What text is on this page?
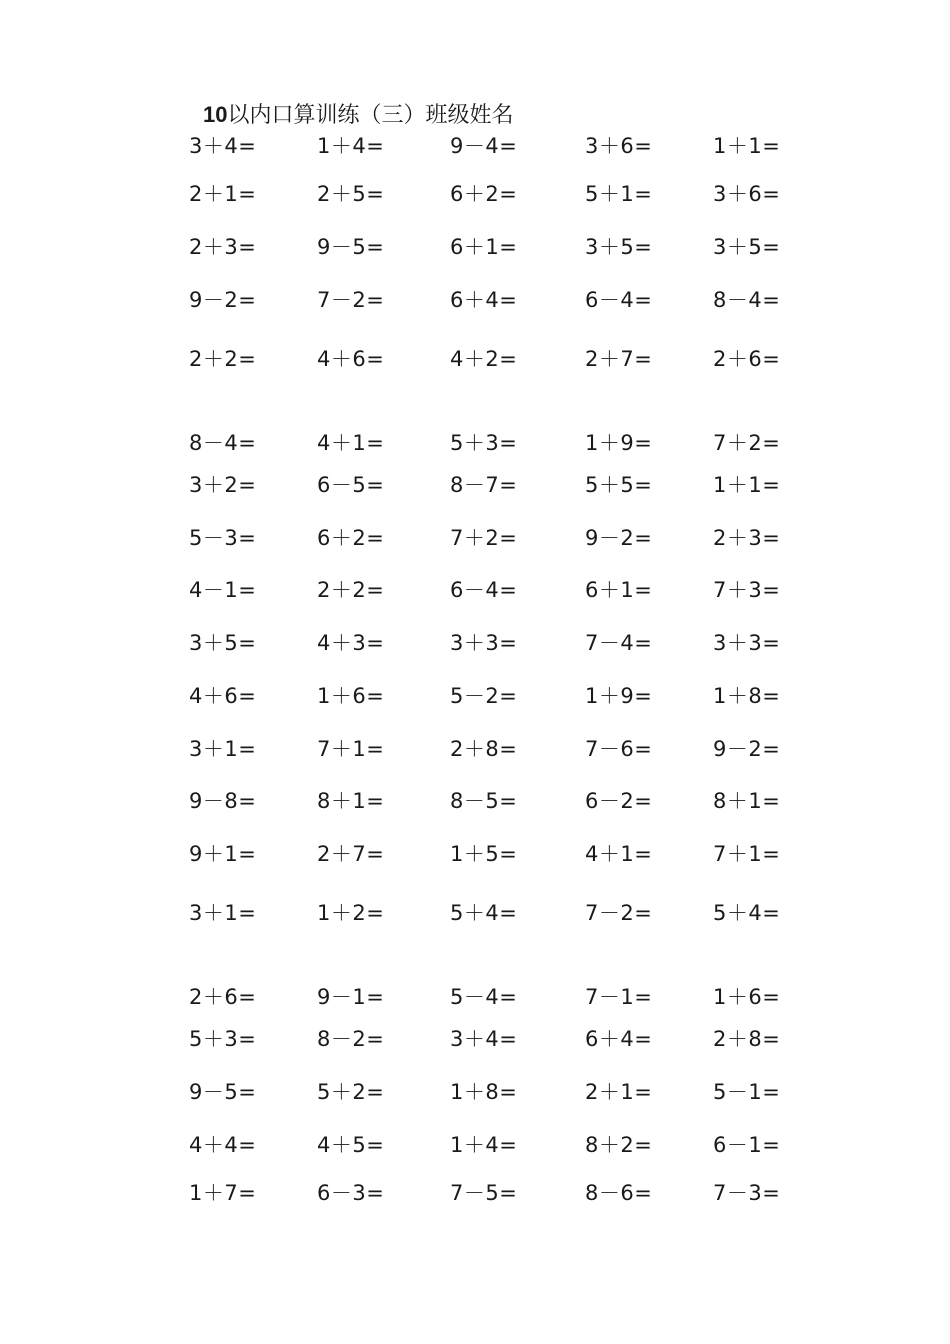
10以内口算训练（三）班级姓名
3＋4=	1＋4=	9－4=	3＋6=	1＋1=
2＋1=	2＋5=	6＋2=	5＋1=	3＋6=
2＋3=	9－5=	6＋1=	3＋5=	3＋5=
9－2=	7－2=	6＋4=	6－4=	8－4=
2＋2=	4＋6=	4＋2=	2＋7=	2＋6=
8－4=	4＋1=	5＋3=	1＋9=	7＋2=
3＋2=	6－5=	8－7=	5＋5=	1＋1=
5－3=	6＋2=	7＋2=	9－2=	2＋3=
4－1=	2＋2=	6－4=	6＋1=	7＋3=
3＋5=	4＋3=	3＋3=	7－4=	3＋3=
4＋6=	1＋6=	5－2=	1＋9=	1＋8=
3＋1=	7＋1=	2＋8=	7－6=	9－2=
9－8=	8＋1=	8－5=	6－2=	8＋1=
9＋1=	2＋7=	1＋5=	4＋1=	7＋1=
3＋1=	1＋2=	5＋4=	7－2=	5＋4=
2＋6=	9－1=	5－4=	7－1=	1＋6=
5＋3=	8－2=	3＋4=	6＋4=	2＋8=
9－5=	5＋2=	1＋8=	2＋1=	5－1=
4＋4=	4＋5=	1＋4=	8＋2=	6－1=
1＋7=	6－3=	7－5=	8－6=	7－3=
